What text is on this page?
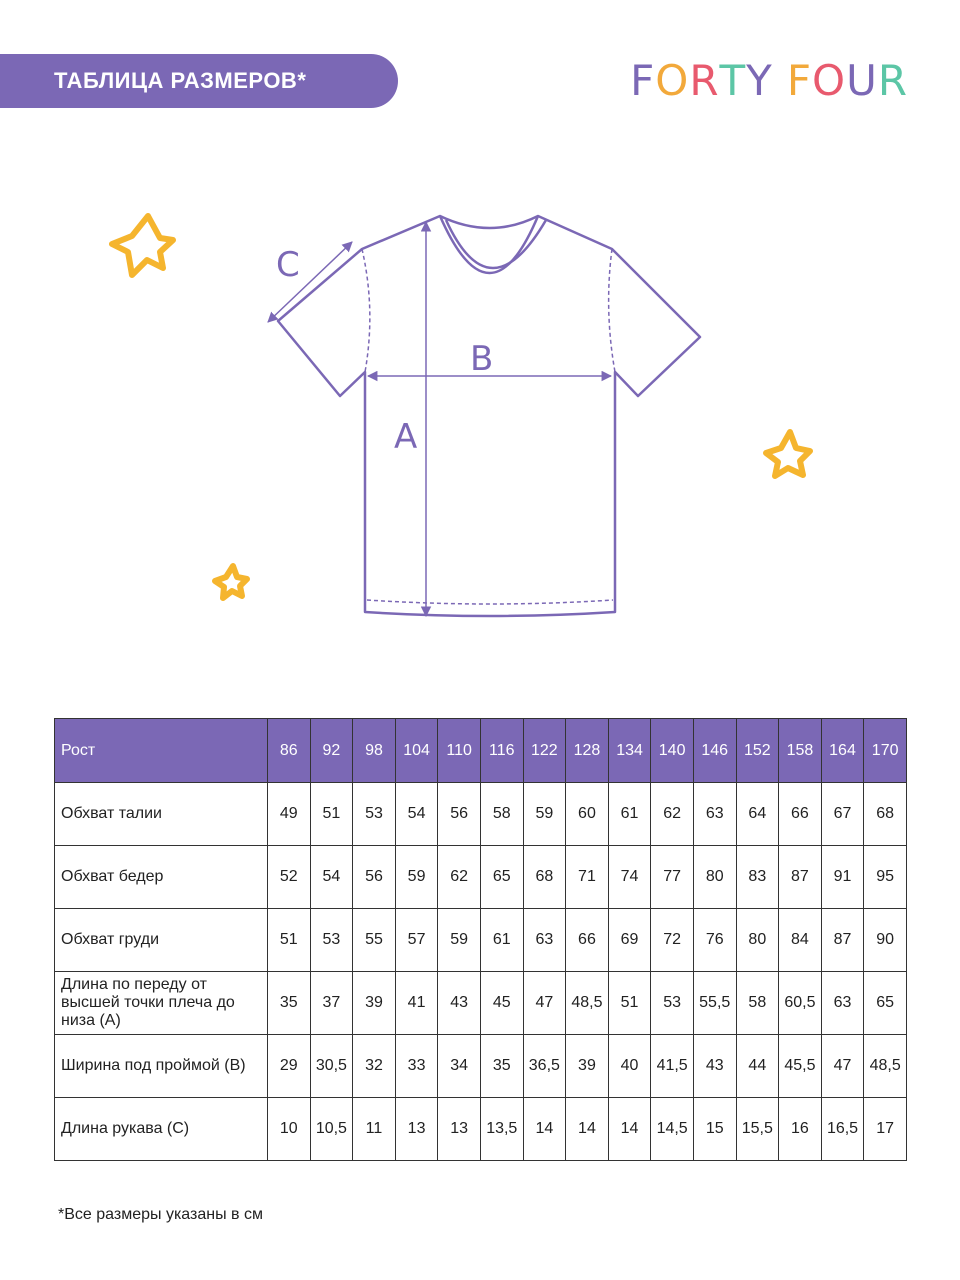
ТАБЛИЦА РАЗМЕРОВ*	FORTY FOUR
A
B
C
Рост	86	92	98	104	110	116	122	128	134	140	146	152	158	164	170
Обхват талии	49	51	53	54	56	58	59	60	61	62	63	64	66	67	68
Обхват бедер	52	54	56	59	62	65	68	71	74	77	80	83	87	91	95
Обхват груди	51	53	55	57	59	61	63	66	69	72	76	80	84	87	90
Длина по переду от высшей точки плеча до низа (А)	35	37	39	41	43	45	47	48,5	51	53	55,5	58	60,5	63	65
Ширина под проймой (В)	29	30,5	32	33	34	35	36,5	39	40	41,5	43	44	45,5	47	48,5
Длина рукава (С)	10	10,5	11	13	13	13,5	14	14	14	14,5	15	15,5	16	16,5	17
*Все размеры указаны в см
